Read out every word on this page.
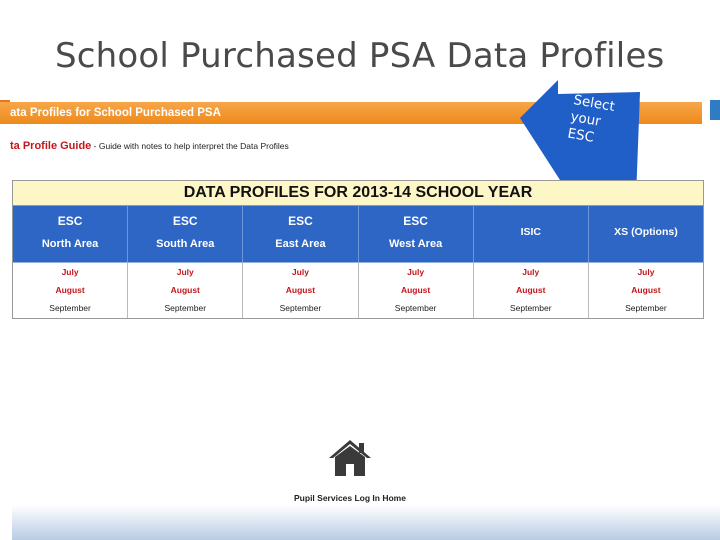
School Purchased PSA Data Profiles
ata Profiles for School Purchased PSA
ta Profile Guide - Guide with notes to help interpret the Data Profiles
Select
your
ESC
DATA PROFILES FOR 2013-14 SCHOOL YEAR
ESC
North Area
ESC
South Area
ESC
East Area
ESC
West Area
ISIC	XS (Options)
July
August
September
July
August
September
July
August
September
July
August
September
July
August
September
July
August
September
Pupil Services Log In Home
